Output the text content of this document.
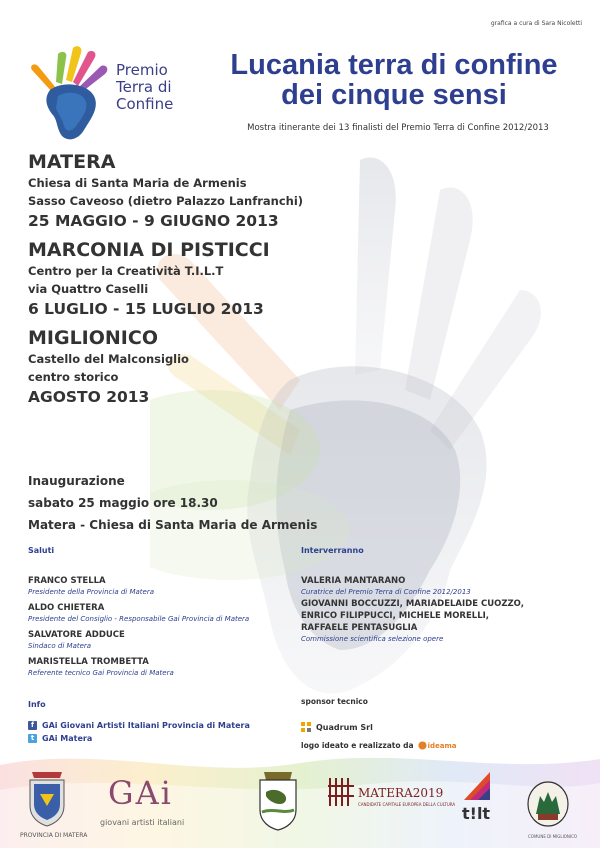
grafica a cura di Sara Nicoletti
Premio
Terra di
Confine
Lucania terra di confine
dei cinque sensi
Mostra itinerante dei 13 finalisti del Premio Terra di Confine 2012/2013
MATERA
Chiesa di Santa Maria de Armenis
Sasso Caveoso (dietro Palazzo Lanfranchi)
25 MAGGIO - 9 GIUGNO 2013
MARCONIA DI PISTICCI
Centro per la Creatività T.I.L.T
via Quattro Caselli
6 LUGLIO - 15 LUGLIO 2013
MIGLIONICO
Castello del Malconsiglio
centro storico
AGOSTO 2013
Inaugurazione
sabato 25 maggio ore 18.30
Matera - Chiesa di Santa Maria de Armenis
Saluti
FRANCO STELLA
Presidente della Provincia di Matera
ALDO CHIETERA
Presidente del Consiglio - Responsabile Gai Provincia di Matera
SALVATORE ADDUCE
Sindaco di Matera
MARISTELLA TROMBETTA
Referente tecnico Gai Provincia di Matera
Interverranno
VALERIA MANTARANO
Curatrice del Premio Terra di Confine 2012/2013
GIOVANNI BOCCUZZI, MARIADELAIDE CUOZZO,
ENRICO FILIPPUCCI, MICHELE MORELLI,
RAFFAELE PENTASUGLIA
Commissione scientifica selezione opere
Info
f GAi Giovani Artisti Italiani Provincia di Matera
t GAi Matera
sponsor tecnico
Quadrum Srl
logo ideato e realizzato da ideama
PROVINCIA DI MATERA
GAi
giovani artisti italiani
MATERA2019
CANDIDATE CAPITALE EUROPEA DELLA CULTURA t!lt
COMUNE DI MIGLIONICO
